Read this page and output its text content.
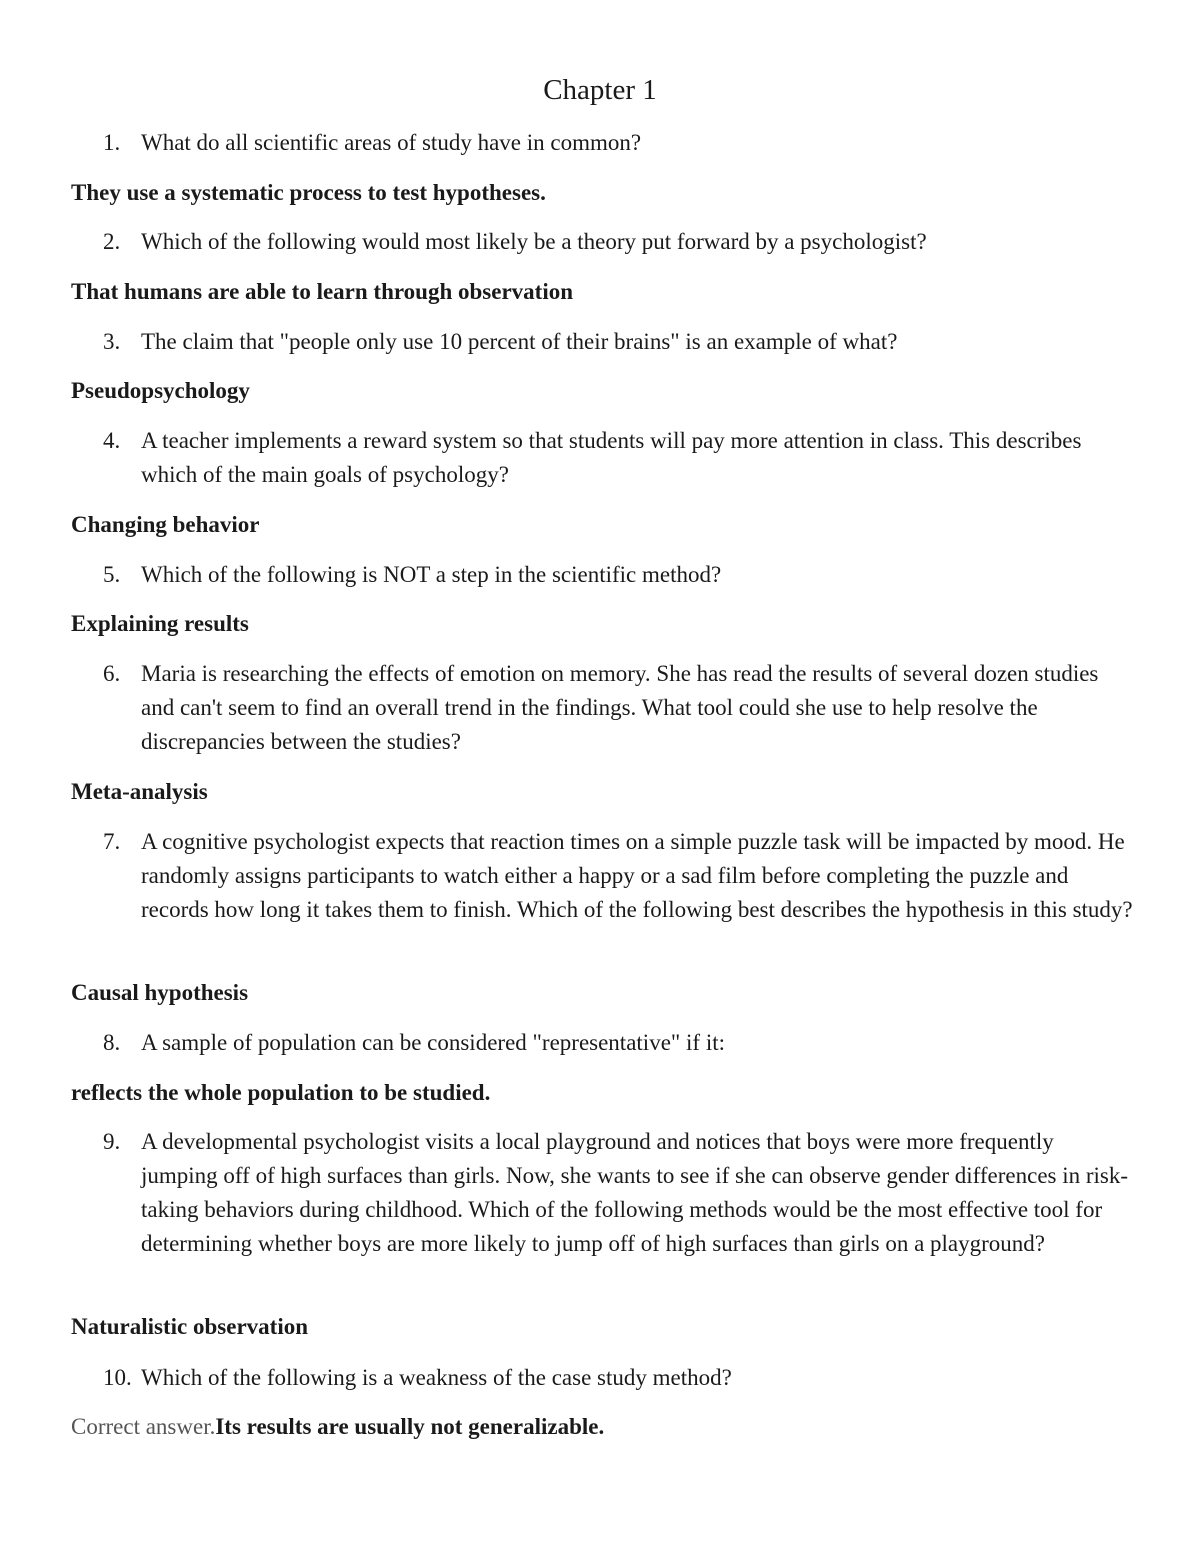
Chapter 1
1. What do all scientific areas of study have in common?
They use a systematic process to test hypotheses.
2. Which of the following would most likely be a theory put forward by a psychologist?
That humans are able to learn through observation
3. The claim that "people only use 10 percent of their brains" is an example of what?
Pseudopsychology
4. A teacher implements a reward system so that students will pay more attention in class. This describes which of the main goals of psychology?
Changing behavior
5. Which of the following is NOT a step in the scientific method?
Explaining results
6. Maria is researching the effects of emotion on memory. She has read the results of several dozen studies and can't seem to find an overall trend in the findings. What tool could she use to help resolve the discrepancies between the studies?
Meta-analysis
7. A cognitive psychologist expects that reaction times on a simple puzzle task will be impacted by mood. He randomly assigns participants to watch either a happy or a sad film before completing the puzzle and records how long it takes them to finish. Which of the following best describes the hypothesis in this study?
Causal hypothesis
8. A sample of population can be considered "representative" if it:
reflects the whole population to be studied.
9. A developmental psychologist visits a local playground and notices that boys were more frequently jumping off of high surfaces than girls. Now, she wants to see if she can observe gender differences in risk-taking behaviors during childhood. Which of the following methods would be the most effective tool for determining whether boys are more likely to jump off of high surfaces than girls on a playground?
Naturalistic observation
10. Which of the following is a weakness of the case study method?
Correct answer.Its results are usually not generalizable.
